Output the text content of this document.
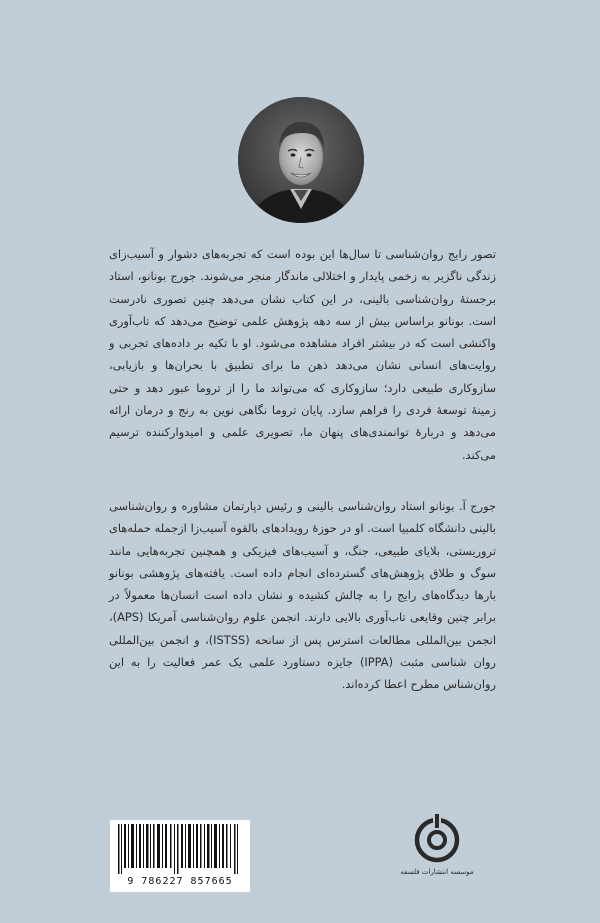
تصور رایج روان‌شناسی تا سال‌ها این بوده است که تجربه‌های دشوار و آسیب‌زای زندگی ناگزیر به زخمی پایدار و اختلالی ماندگار منجر می‌شوند. جورج بونانو، استاد برجستهٔ روان‌شناسی بالینی، در این کتاب نشان می‌دهد چنین تصوری نادرست است. بونانو براساس بیش از سه دهه پژوهش علمی توضیح می‌دهد که تاب‌آوری واکنشی است که در بیشتر افراد مشاهده می‌شود. او با تکیه بر داده‌های تجربی و روایت‌های انسانی نشان می‌دهد ذهن ما برای تطبیق با بحران‌ها و بازیابی، سازوکاری طبیعی دارد؛ سازوکاری که می‌تواند ما را از تروما عبور دهد و حتی زمینهٔ توسعهٔ فردی را فراهم سازد. پایان تروما نگاهی نوین به رنج و درمان ارائه می‌دهد و دربارهٔ توانمندی‌های پنهان ما، تصویری علمی و امیدوارکننده ترسیم می‌کند.

جورج آ. بونانو استاد روان‌شناسی بالینی و رئیس دپارتمان مشاوره و روان‌شناسی بالینی دانشگاه کلمبیا است. او در حوزهٔ رویدادهای بالقوه آسیب‌زا ازجمله حمله‌های تروریستی، بلایای طبیعی، جنگ، و آسیب‌های فیزیکی و همچنین تجربه‌هایی مانند سوگ و طلاق پژوهش‌های گسترده‌ای انجام داده است. یافته‌های پژوهشی بونانو بارها دیدگاه‌های رایج را به چالش کشیده و نشان داده است انسان‌ها معمولاً در برابر چنین وقایعی تاب‌آوری بالایی دارند. انجمن علوم روان‌شناسی آمریکا (APS)، انجمن بین‌المللی مطالعات استرس پس از سانحه (ISTSS)، و انجمن بین‌المللی روان شناسی مثبت (IPPA) جایزه دستاورد علمی یک عمر فعالیت را به این روان‌شناس مطرح اعطا کرده‌اند.

9 786227 857665
موسسه انتشارات فلسفه
